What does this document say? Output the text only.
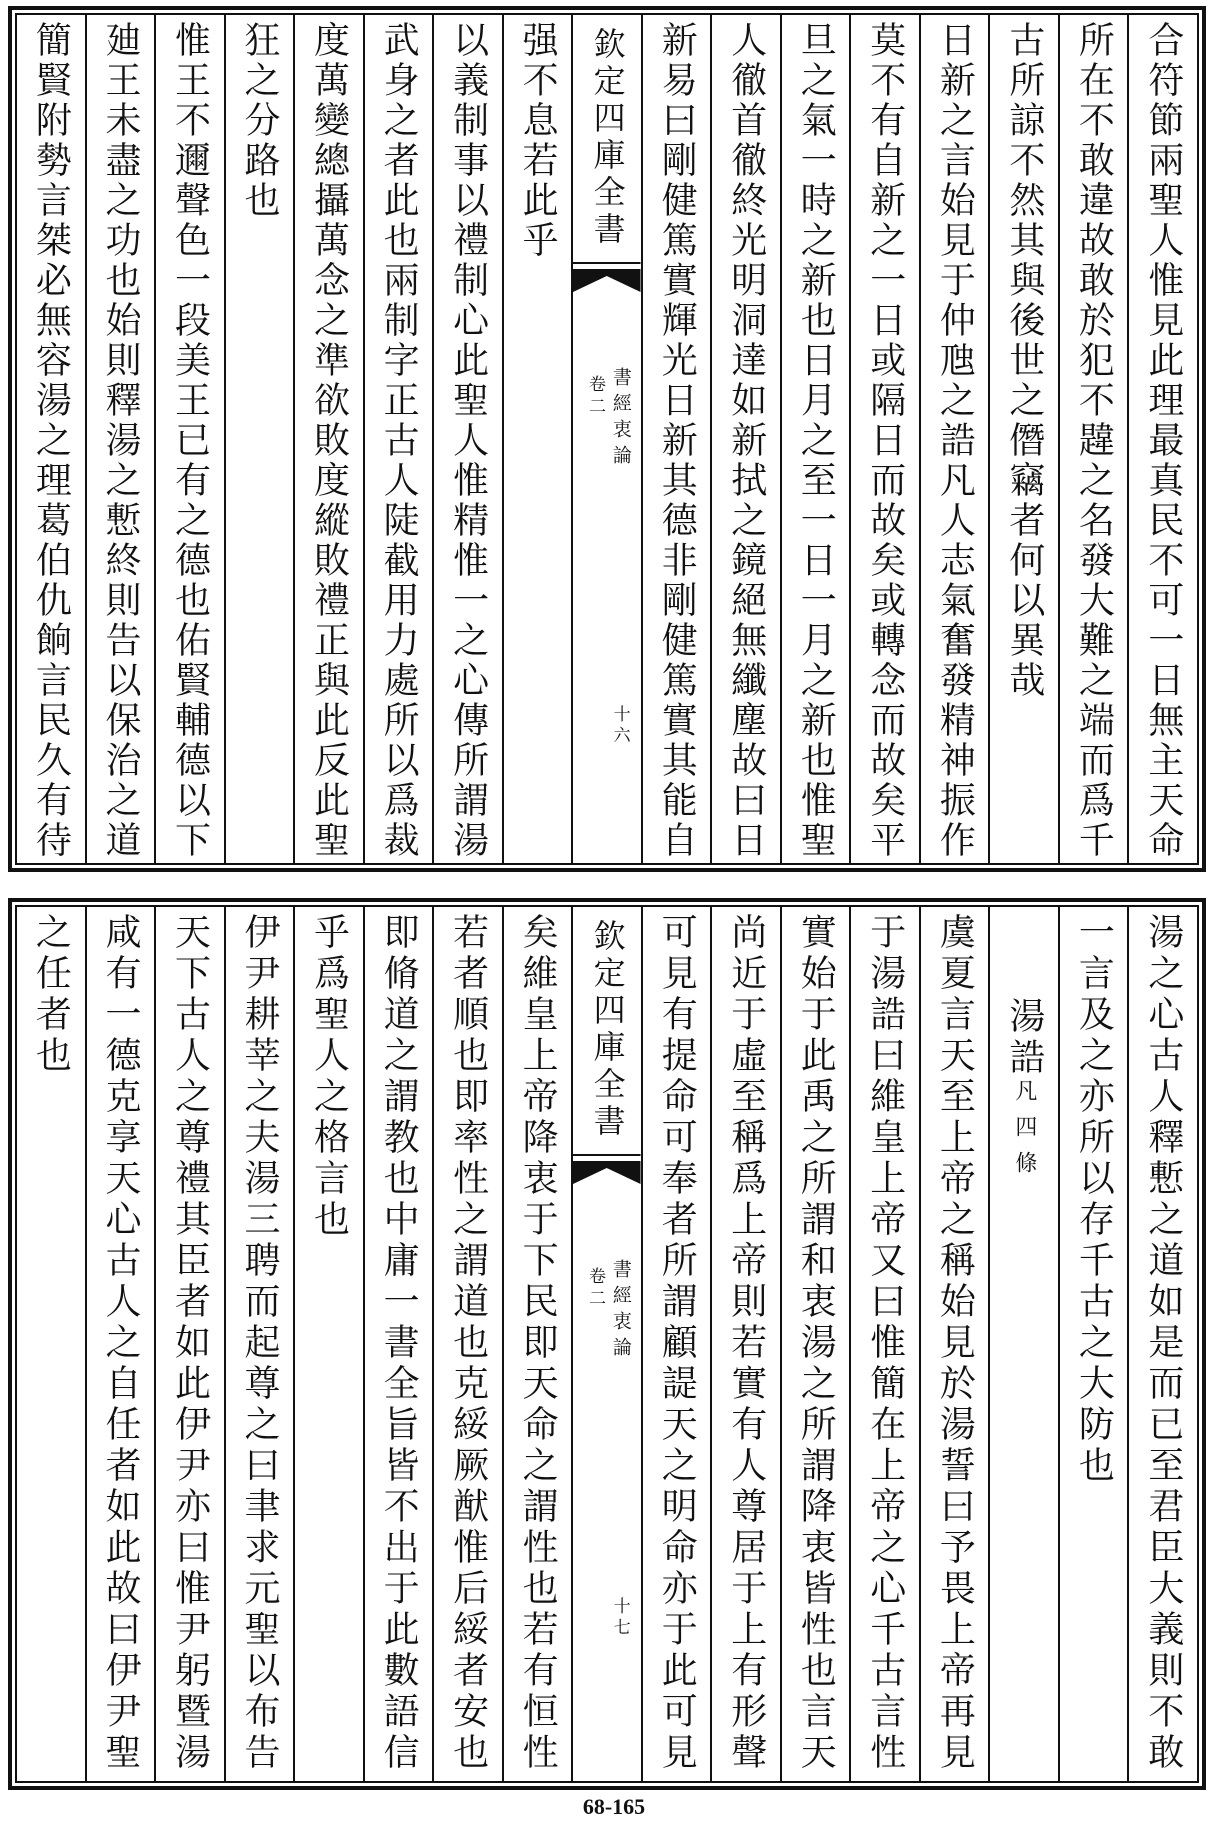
合符節兩聖人惟見此理最真民不可一日無主天命
所在不敢違故敢於犯不韙之名發大難之端而爲千
古所諒不然其與後世之僭竊者何以異哉
日新之言始見于仲虺之誥凡人志氣奮發精神振作
莫不有自新之一日或隔日而故矣或轉念而故矣平
旦之氣一時之新也日月之至一日一月之新也惟聖
人徹首徹終光明洞達如新拭之鏡絕無纖塵故曰日
新易曰剛健篤實輝光日新其德非剛健篤實其能自
欽定四庫全書
書經衷論
卷二
十六
强不息若此乎
以義制事以禮制心此聖人惟精惟一之心傳所謂湯
武身之者此也兩制字正古人陡截用力處所以爲裁
度萬變總攝萬念之準欲敗度縱敗禮正與此反此聖
狂之分路也
惟王不邇聲色一段美王已有之德也佑賢輔德以下
廸王未盡之功也始則釋湯之慙終則告以保治之道
簡賢附勢言桀必無容湯之理葛伯仇餉言民久有待
湯之心古人釋慙之道如是而已至君臣大義則不敢
一言及之亦所以存千古之大防也
湯誥凡四條
虞夏言天至上帝之稱始見於湯誓曰予畏上帝再見
于湯誥曰維皇上帝又曰惟簡在上帝之心千古言性
實始于此禹之所謂和衷湯之所謂降衷皆性也言天
尚近于虛至稱爲上帝則若實有人尊居于上有形聲
可見有提命可奉者所謂顧諟天之明命亦于此可見
欽定四庫全書
書經衷論
卷二
十七
矣維皇上帝降衷于下民即天命之謂性也若有恒性
若者順也即率性之謂道也克綏厥猷惟后綏者安也
即脩道之謂教也中庸一書全旨皆不出于此數語信
乎爲聖人之格言也
伊尹耕莘之夫湯三聘而起尊之曰聿求元聖以布告
天下古人之尊禮其臣者如此伊尹亦曰惟尹躬暨湯
咸有一德克享天心古人之自任者如此故曰伊尹聖
之任者也
68-165
